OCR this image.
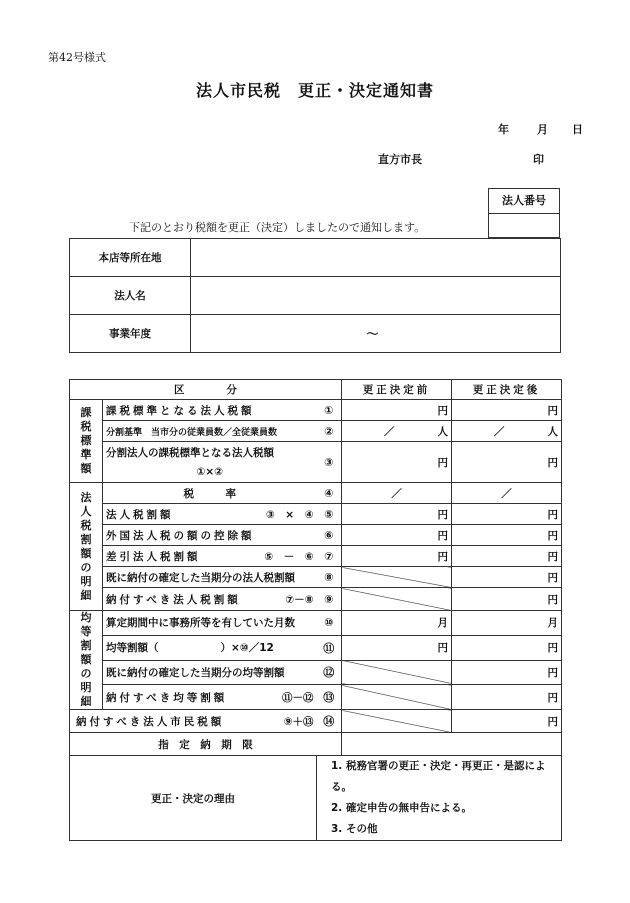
第42号様式
法人市民税　更正・決定通知書
年	月 日
直方市長	印
法人番号
下記のとおり税額を更正（決定）しましたので通知します。
本店等所在地	
法人名	
事業年度	～
区　　　　分			更正決定前	更正決定後

課税標準額	課税標準となる法人税額	①	円	円
	分割基準　 当市分の従業員数／全従業員数	②	／ 人	／ 人
	分割法人の課税標準となる法人税額	③	円	円
	①×②			

法人税割額の明細	税　　　率	④	／	／

	法人税割額 ③　×　④	⑤	円	円
	外国法人税の額の控除額	⑥	円	円

	差引法人税割額 ⑤　－　⑥	⑦	円	円
	既に納付の確定した当期分の法人税割額	⑧		円

	納付すべき法人税割額 ⑦－⑧	⑨		円

均等割額の明細	算定期間中に事務所等を有していた月数	⑩	月	月
	均等割額（ ）×⑩／12	⑪	円	円
	既に納付の確定した当期分の均等割額	⑫		円

	納付すべき均等割額 ⑪－⑫	⑬		円

納付すべき法人市民税額 ⑨＋⑬		⑭		円
指　定　納　期　限				
更正・決定の理由		1. 税務官署の更正・決定・再更正・是認による。
2. 確定申告の無申告による。
3. その他		
